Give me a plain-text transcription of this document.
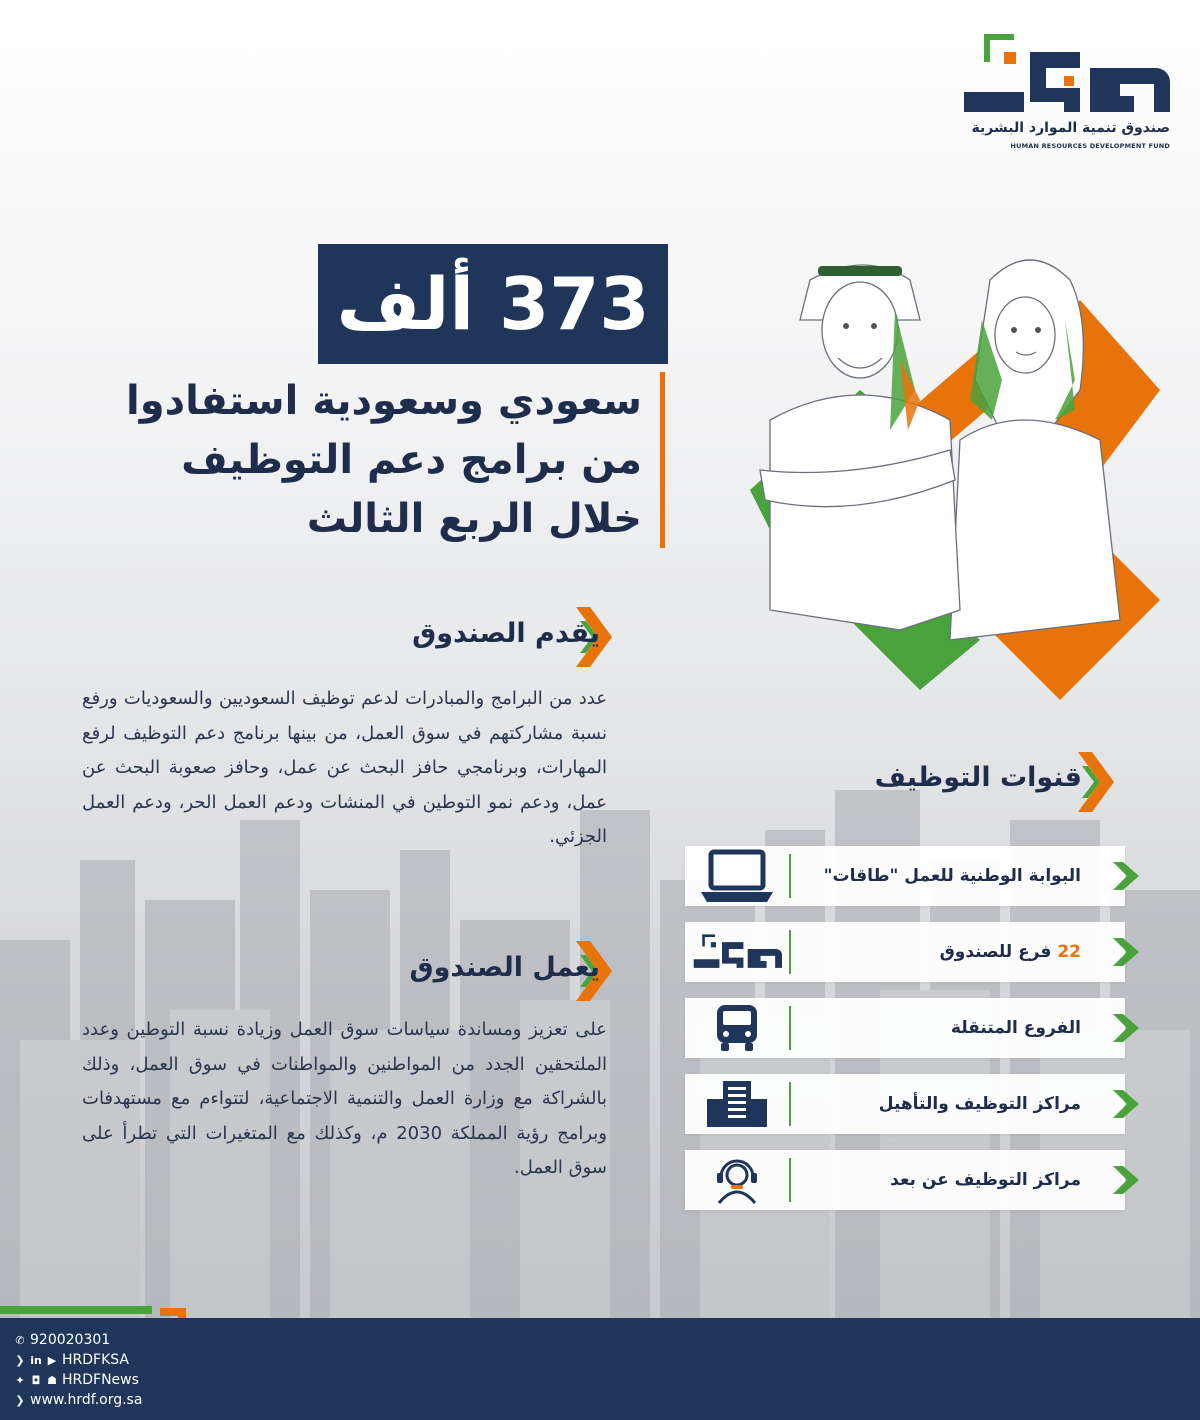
صندوق تنمية الموارد البشرية
HUMAN RESOURCES DEVELOPMENT FUND
373 ألف
سعودي وسعودية استفادوا
من برامج دعم التوظيف
خلال الربع الثالث
يقدم الصندوق
عدد من البرامج والمبادرات لدعم توظيف السعوديين والسعوديات ورفع نسبة مشاركتهم في سوق العمل، من بينها برنامج دعم التوظيف لرفع المهارات، وبرنامجي حافز البحث عن عمل، وحافز صعوبة البحث عن عمل، ودعم نمو التوطين في المنشات ودعم العمل الحر، ودعم العمل الجزئي.
يعمل الصندوق
على تعزيز ومساندة سياسات سوق العمل وزيادة نسبة التوطين وعدد الملتحقين الجدد من المواطنين والمواطنات في سوق العمل، وذلك بالشراكة مع وزارة العمل والتنمية الاجتماعية، لتتواءم مع مستهدفات وبرامج رؤية المملكة 2030 م، وكذلك مع المتغيرات التي تطرأ على سوق العمل.
قنوات التوظيف
البوابة الوطنية للعمل "طاقات"
22 فرع للصندوق
الفروع المتنقلة
مراكز التوظيف والتأهيل
مراكز التوظيف عن بعد
✆ 920020301
❯ in ▶ HRDFKSA
✦ ◘ ☗ HRDFNews
❯ www.hrdf.org.sa
